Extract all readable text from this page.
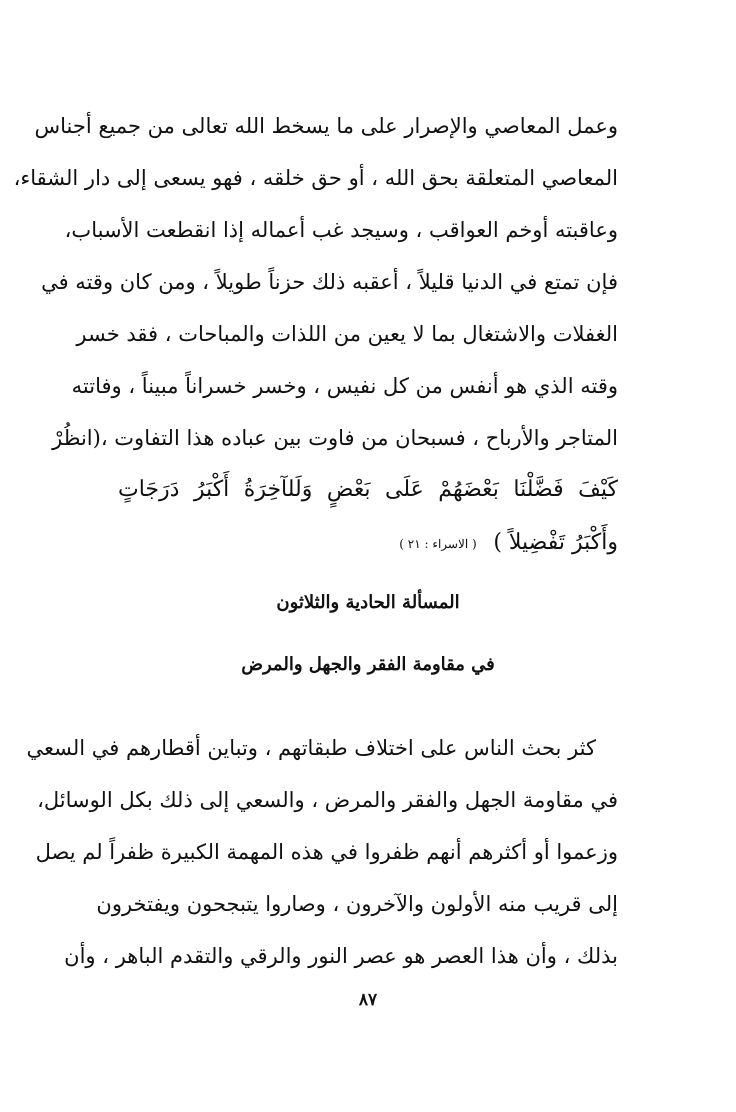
وعمل المعاصي والإصرار على ما يسخط الله تعالى من جميع أجناس
المعاصي المتعلقة بحق الله ، أو حق خلقه ، فهو يسعى إلى دار الشقاء،
وعاقبته أوخم العواقب ، وسيجد غب أعماله إذا انقطعت الأسباب،
فإن تمتع في الدنيا قليلاً ، أعقبه ذلك حزناً طويلاً ، ومن كان وقته في
الغفلات والاشتغال بما لا يعين من اللذات والمباحات ، فقد خسر
وقته الذي هو أنفس من كل نفيس ، وخسر خسراناً مبيناً ، وفاتته
المتاجر والأرباح ، فسبحان من فاوت بين عباده هذا التفاوت ،(انظُرْ
كَيْفَ فَضَّلْنَا بَعْضَهُمْ عَلَى بَعْضٍ وَلَلآخِرَةُ أَكْبَرُ دَرَجَاتٍ
وأَكْبَرُ تَفْضِيلاً ) ( الاسراء : ٢١ )
المسألة الحادية والثلاثون
في مقاومة الفقر والجهل والمرض
كثر بحث الناس على اختلاف طبقاتهم ، وتباين أقطارهم في السعي
في مقاومة الجهل والفقر والمرض ، والسعي إلى ذلك بكل الوسائل،
وزعموا أو أكثرهم أنهم ظفروا في هذه المهمة الكبيرة ظفراً لم يصل
إلى قريب منه الأولون والآخرون ، وصاروا يتبجحون ويفتخرون
بذلك ، وأن هذا العصر هو عصر النور والرقي والتقدم الباهر ، وأن
٨٧
